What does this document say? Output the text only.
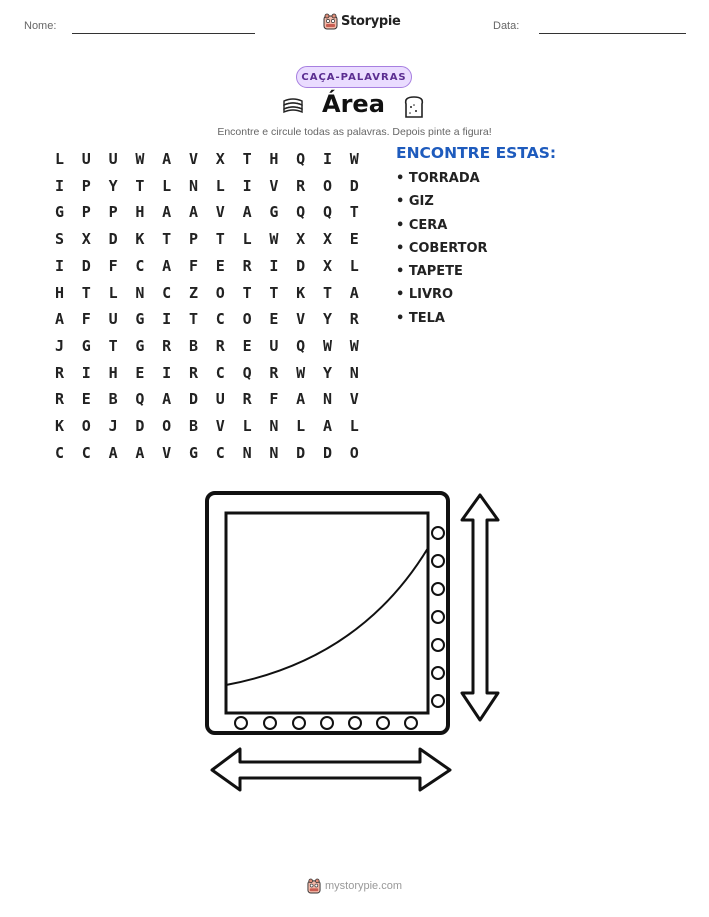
Nome:	Storypie	Data:
CAÇA-PALAVRAS
Área
Encontre e circule todas as palavras. Depois pinte a figura!
L	U	U	W	A	V	X	T	H	Q	I	W
I	P	Y	T	L	N	L	I	V	R	O	D
G	P	P	H	A	A	V	A	G	Q	Q	T
S	X	D	K	T	P	T	L	W	X	X	E
I	D	F	C	A	F	E	R	I	D	X	L
H	T	L	N	C	Z	O	T	T	K	T	A
A	F	U	G	I	T	C	O	E	V	Y	R
J	G	T	G	R	B	R	E	U	Q	W	W
R	I	H	E	I	R	C	Q	R	W	Y	N
R	E	B	Q	A	D	U	R	F	A	N	V
K	O	J	D	O	B	V	L	N	L	A	L
C	C	A	A	V	G	C	N	N	D	D	O
ENCONTRE ESTAS:
• TORRADA
• GIZ
• CERA
• COBERTOR
• TAPETE
• LIVRO
• TELA
mystorypie.com
